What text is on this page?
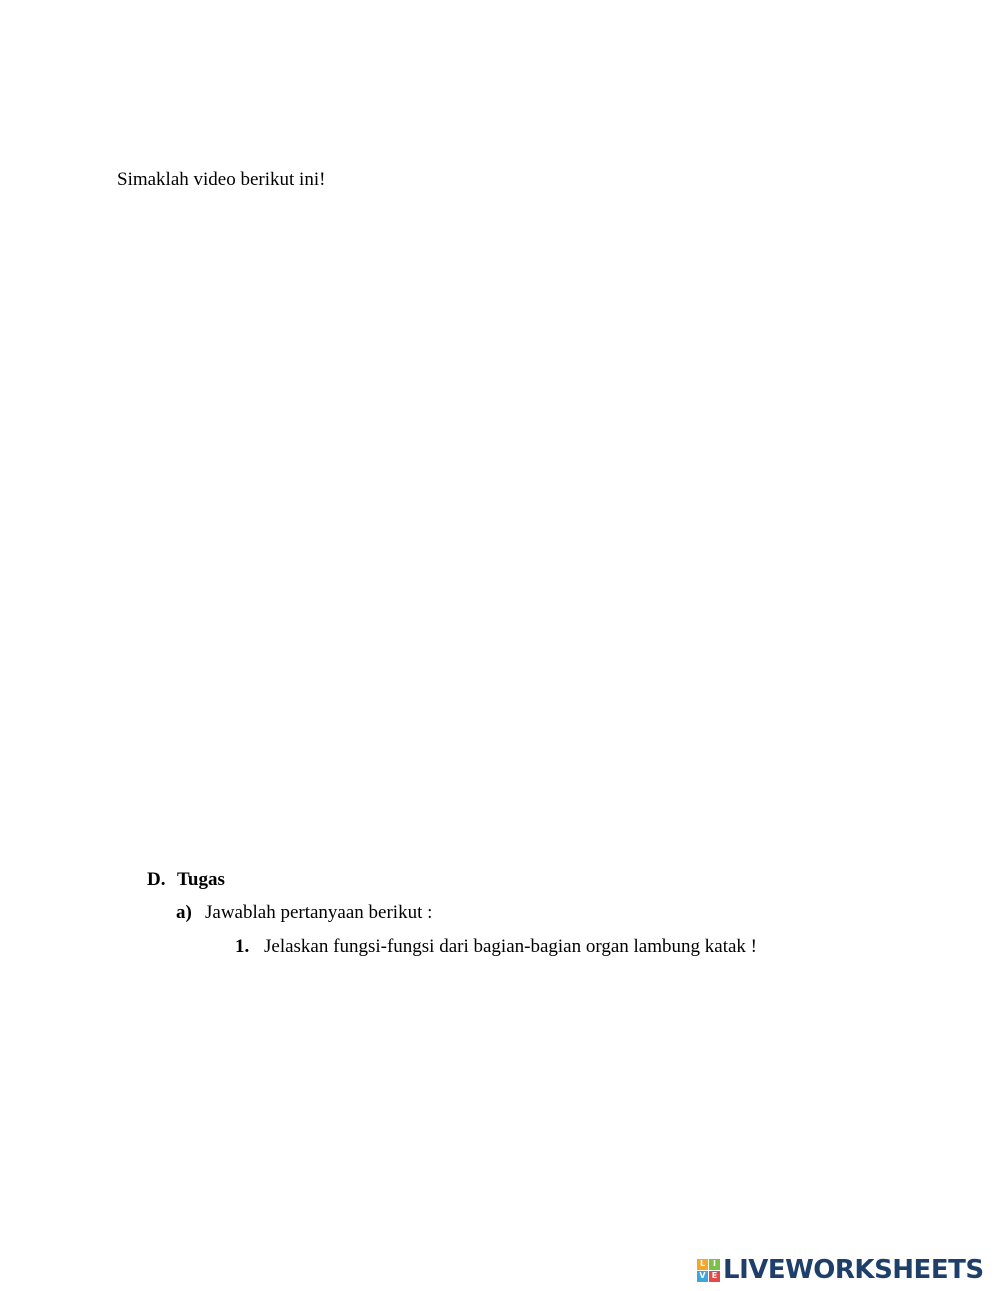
Simaklah video berikut ini!
D. Tugas
a) Jawablah pertanyaan berikut :
1. Jelaskan fungsi-fungsi dari bagian-bagian organ lambung katak !
L I
V E LIVEWORKSHEETS
